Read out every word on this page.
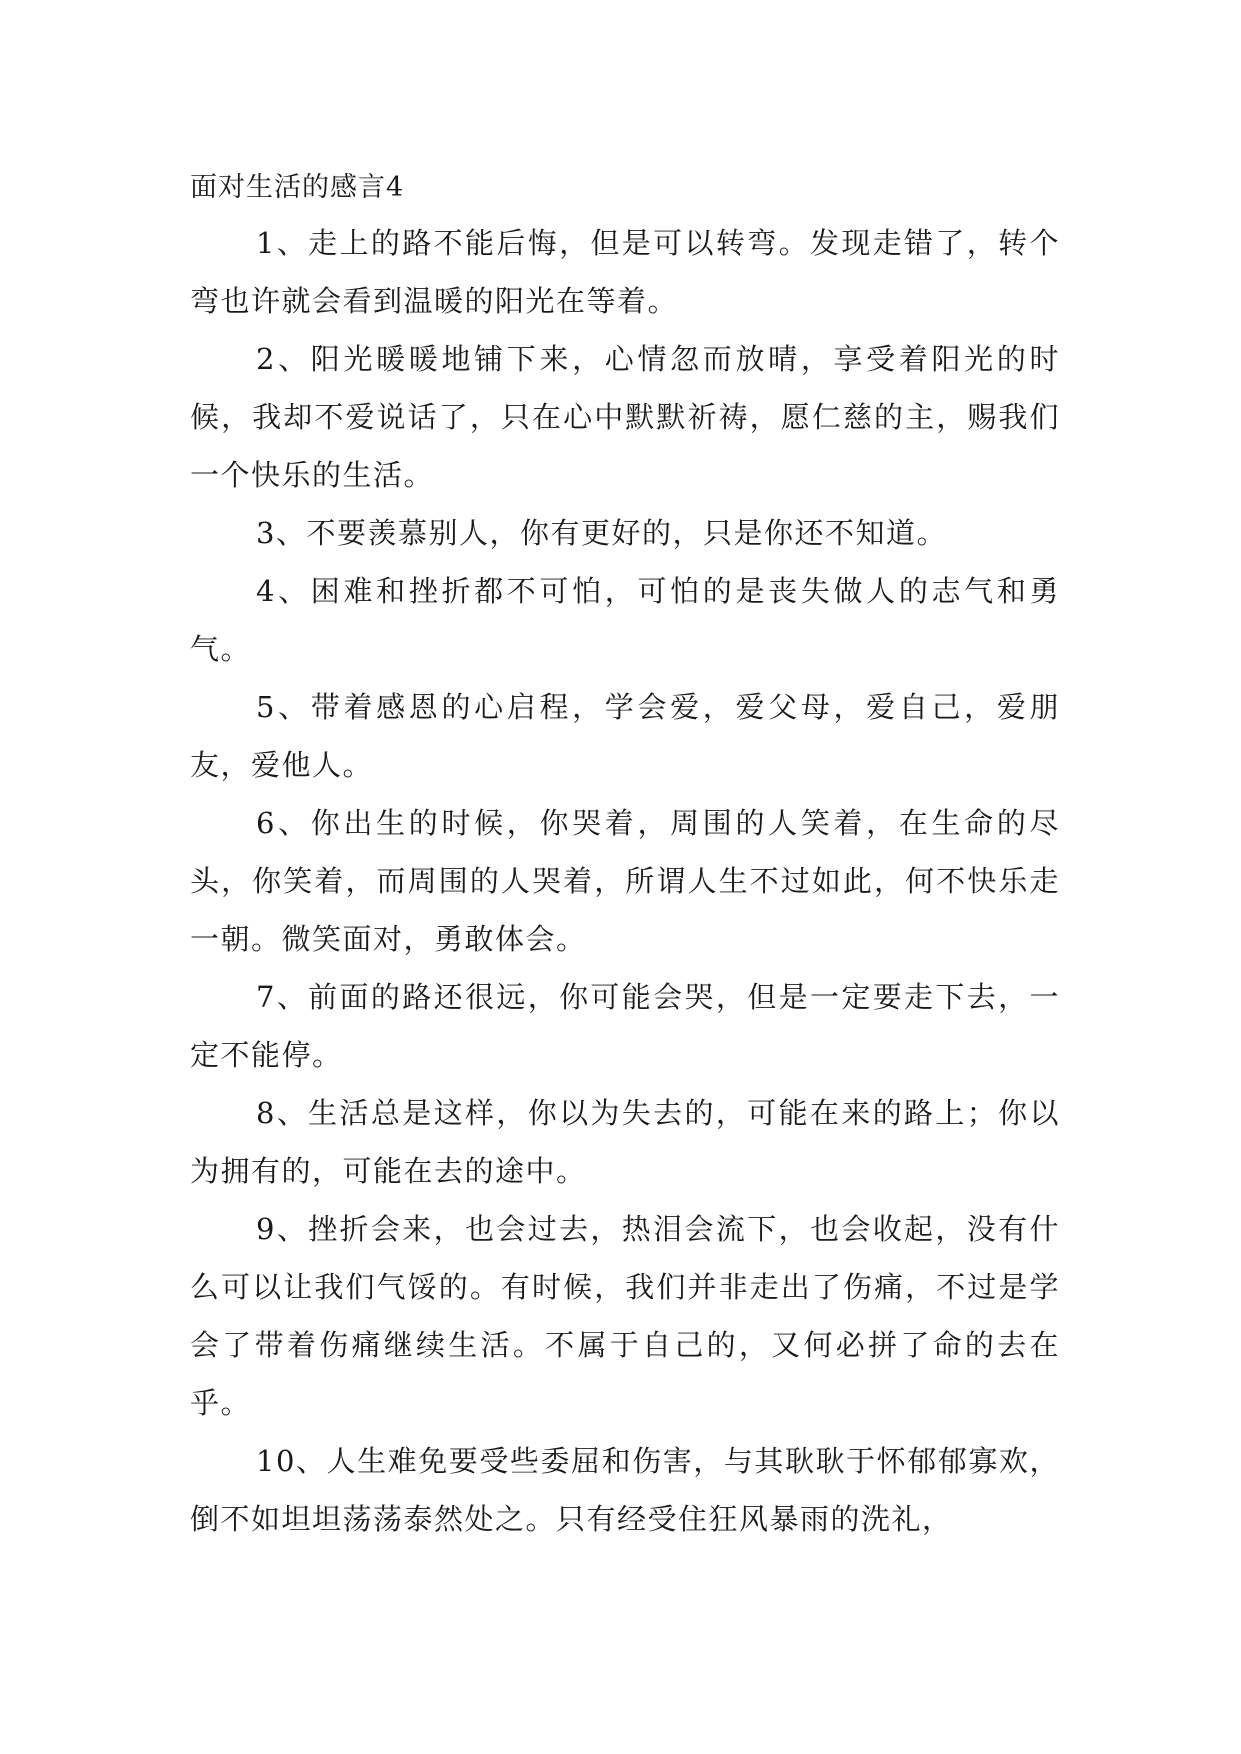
面对生活的感言4

1、走上的路不能后悔，但是可以转弯。发现走错了，转个弯也许就会看到温暖的阳光在等着。

2、阳光暖暖地铺下来，心情忽而放晴，享受着阳光的时候，我却不爱说话了，只在心中默默祈祷，愿仁慈的主，赐我们一个快乐的生活。

3、不要羡慕别人，你有更好的，只是你还不知道。

4、困难和挫折都不可怕，可怕的是丧失做人的志气和勇气。

5、带着感恩的心启程，学会爱，爱父母，爱自己，爱朋友，爱他人。

6、你出生的时候，你哭着，周围的人笑着，在生命的尽头，你笑着，而周围的人哭着，所谓人生不过如此，何不快乐走一朝。微笑面对，勇敢体会。

7、前面的路还很远，你可能会哭，但是一定要走下去，一定不能停。

8、生活总是这样，你以为失去的，可能在来的路上；你以为拥有的，可能在去的途中。

9、挫折会来，也会过去，热泪会流下，也会收起，没有什么可以让我们气馁的。有时候，我们并非走出了伤痛，不过是学会了带着伤痛继续生活。不属于自己的，又何必拼了命的去在乎。

10、人生难免要受些委屈和伤害，与其耿耿于怀郁郁寡欢，倒不如坦坦荡荡泰然处之。只有经受住狂风暴雨的洗礼，
